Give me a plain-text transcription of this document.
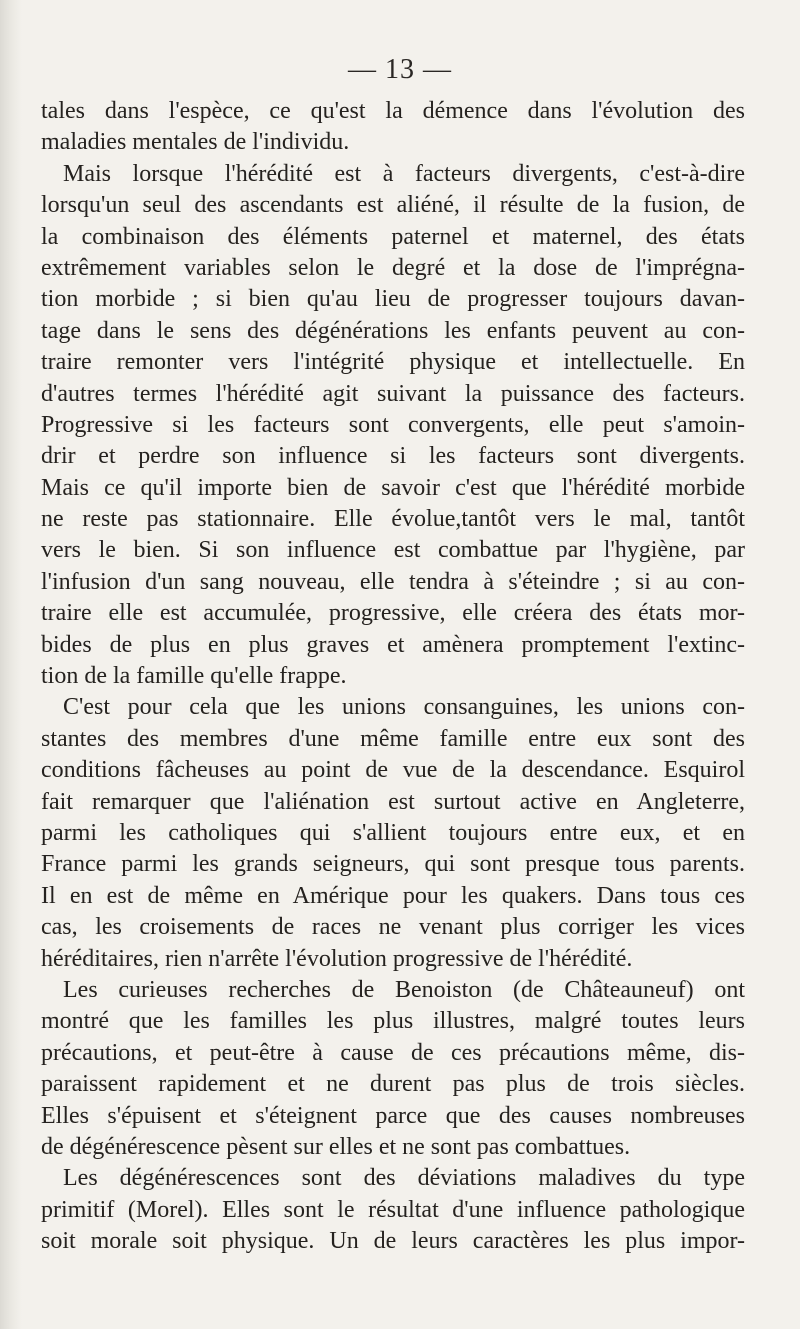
— 13 —
tales dans l'espèce, ce qu'est la démence dans l'évolution des
maladies mentales de l'individu.
Mais lorsque l'hérédité est à facteurs divergents, c'est-à-dire
lorsqu'un seul des ascendants est aliéné, il résulte de la fusion, de
la combinaison des éléments paternel et maternel, des états
extrêmement variables selon le degré et la dose de l'imprégna-
tion morbide ; si bien qu'au lieu de progresser toujours davan-
tage dans le sens des dégénérations les enfants peuvent au con-
traire remonter vers l'intégrité physique et intellectuelle. En
d'autres termes l'hérédité agit suivant la puissance des facteurs.
Progressive si les facteurs sont convergents, elle peut s'amoin-
drir et perdre son influence si les facteurs sont divergents.
Mais ce qu'il importe bien de savoir c'est que l'hérédité morbide
ne reste pas stationnaire. Elle évolue,tantôt vers le mal, tantôt
vers le bien. Si son influence est combattue par l'hygiène, par
l'infusion d'un sang nouveau, elle tendra à s'éteindre ; si au con-
traire elle est accumulée, progressive, elle créera des états mor-
bides de plus en plus graves et amènera promptement l'extinc-
tion de la famille qu'elle frappe.
C'est pour cela que les unions consanguines, les unions con-
stantes des membres d'une même famille entre eux sont des
conditions fâcheuses au point de vue de la descendance. Esquirol
fait remarquer que l'aliénation est surtout active en Angleterre,
parmi les catholiques qui s'allient toujours entre eux, et en
France parmi les grands seigneurs, qui sont presque tous parents.
Il en est de même en Amérique pour les quakers. Dans tous ces
cas, les croisements de races ne venant plus corriger les vices
héréditaires, rien n'arrête l'évolution progressive de l'hérédité.
Les curieuses recherches de Benoiston (de Châteauneuf) ont
montré que les familles les plus illustres, malgré toutes leurs
précautions, et peut-être à cause de ces précautions même, dis-
paraissent rapidement et ne durent pas plus de trois siècles.
Elles s'épuisent et s'éteignent parce que des causes nombreuses
de dégénérescence pèsent sur elles et ne sont pas combattues.
Les dégénérescences sont des déviations maladives du type
primitif (Morel). Elles sont le résultat d'une influence pathologique
soit morale soit physique. Un de leurs caractères les plus impor-
